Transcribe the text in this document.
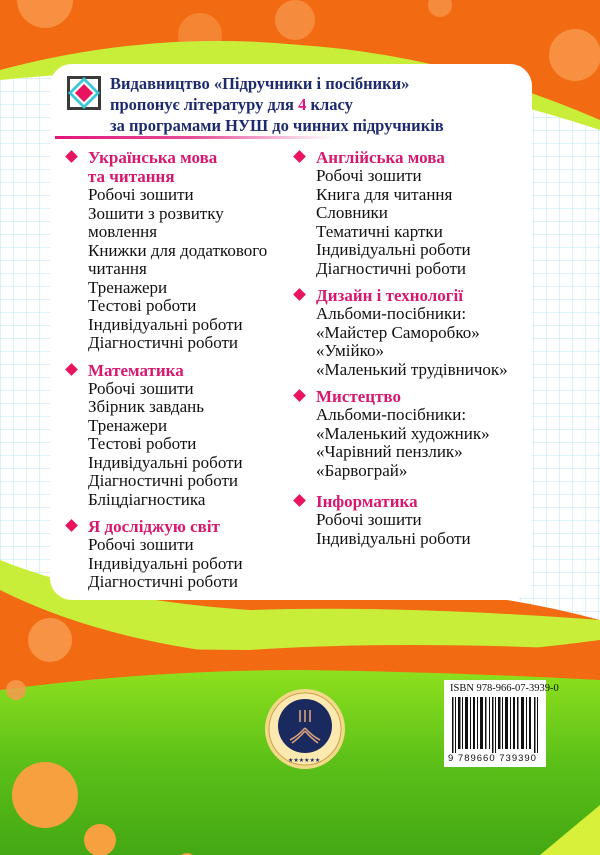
Видавництво «Підручники і посібники»
пропонує літературу для 4 класу
за програмами НУШ до чинних підручників
Українська мова
та читання
Робочі зошити
Зошити з розвитку
мовлення
Книжки для додаткового
читання
Тренажери
Тестові роботи
Індивідуальні роботи
Діагностичні роботи
Математика
Робочі зошити
Збірник завдань
Тренажери
Тестові роботи
Індивідуальні роботи
Діагностичні роботи
Бліцдіагностика
Я досліджую світ
Робочі зошити
Індивідуальні роботи
Діагностичні роботи
Англійська мова
Робочі зошити
Книга для читання
Словники
Тематичні картки
Індивідуальні роботи
Діагностичні роботи
Дизайн і технології
Альбоми-посібники:
«Майстер Саморобко»
«Умійко»
«Маленький трудівничок»
Мистецтво
Альбоми-посібники:
«Маленький художник»
«Чарівний пензлик»
«Барвограй»
Інформатика
Робочі зошити
Індивідуальні роботи
★★★★★★
ISBN 978-966-07-3939-0
9 789660 739390
